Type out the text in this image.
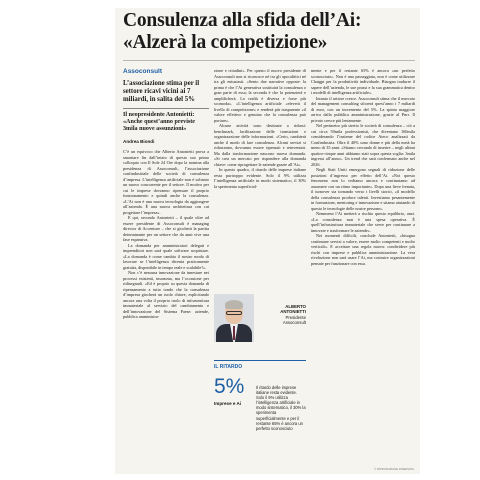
Consulenza alla sfida dell’Ai:
«Alzerà la competizione»
Assoconsult
L’associazione stima per il settore ricavi vicini ai 7 miliardi, in salita del 5%
Il neopresidente Antonietti: «Anche quest’anno previste 3mila nuove assunzioni»
Andrea Biondi

C’è un equivoco che Alberto Antonietti prova a smontare fin dall’inizio di questo suo primo colloquio con Il Sole 24 Ore dopo la nomina alla presidenza di Assoconsult, l’associazione confindustriale delle società di consulenza d’impresa. L’intelligenza artificiale non è soltanto un nuovo concorrente per il settore. Il motivo per cui le imprese dovranno ripensare il proprio funzionamento e quindi anche la consulenza. «L’Ai non è una nuova tecnologia da aggiungere all’azienda. È una nuova architettura con cui progettare l’impresa».

E qui, secondo Antonietti – il quale oltre ad essere presidente di Assoconsult è managing director di Accenture – che si giocherà la partita determinante per un settore che da anni vive una fase espansiva.

La domanda per amministratori delegati e imprenditori non sarà quale software acquistare. «La domanda è come cambia il nostro modo di lavorare se l’intelligenza diventa praticamente gratuita, disponibile in tempo reale e scalabile?».

Non c’è nessuna innovazione da innestare nei processi esistenti, insomma, ma l’occasione per ridisegnarli. «Ed è proprio su questa domanda di ripensamento a tutto tondo che la consulenza d’impresa giocherà un ruolo chiave, esplicitando ancora una volta il proprio ruolo di infrastruttura immateriale al servizio del cambiamento e dell’innovazione del Sistema Paese: aziende, pubblica amministra-

zione e cittadini». Per questo il nuovo presidente di Assoconsult non si riconosce né tra gli apocalittici né tra gli entusiasti. «Sento due narrative opposte: la prima è che l’Ai generativa sostituirà la consulenza o gran parte di essa; la seconda è che la potenzierà e amplificherà. La realtà è diversa e forse più scomoda». «L’intelligenza artificiale «eleverà il livello di competizione» e renderà più trasparente «il valore effettivo e genuino che la consulenza può portare».

Alcune attività sono destinate a ridursi: benchmark, facilitazione delle transizioni e organizzazione delle informazioni. «Certo, cambierà anche il modo di fare consulenza. Alcuni servizi si ridurranno, dovranno essere ripensati e reinventati. Ma dalla trasformazione nascono nuova domanda. «Si crea un mercato per rispondere alla domanda chiave: come riprogettare le aziende grazie all’Ai».

In questo quadro, il ritardo delle imprese italiane resta purtroppo evidente. Solo il 9% utilizza l’intelligenza artificiale in modo sistematico, il 30% la sperimenta superficial-

ALBERTO
ANTONIETTI
Presidente
Assoconsult
IL RITARDO
5%
Imprese e Ai
Il ritardo delle imprese italiane resta evidente. Solo il 9% utilizza l’intelligenza artificiale in modo sistematico, il 30% la sperimenta superficialmente e per il restante 65% è ancora un perfetto sconosciuto

mente e per il restante 65% è ancora «un perfetto sconosciuto». Non è una passeggiata, non è come utilizzare Chatgpt per la produttività individuale. Bisogna tradurre il sapere dell’azienda, le sue prassi e la sua grammatica dentro i modelli di intelligenza artificiale».

Intanto il settore cresce. Assoconsult stima che il mercato del management consulting sfiorerà quest’anno i 7 miliardi di euro, con un incremento del 5%. La spinta maggiore arriva dalla pubblica amministrazione, grazie al Pnrr. Il privato cresce più lentamente.

Nel perimetro più stretto le società di consulenza – ciò a cui circa 50mila professionisti, che diventano 160mila considerando l’insieme del codice Ateco analizzati da Confindustria. Oltre il 40% sono donne e più della metà ha meno di 35 anni. «Stiamo cercando di inserire – negli ultimi quattro-cinque anni abbiamo stati sopra questa soglia: 3mila ingressi all’anno». Un trend che sarà confermato anche nel 2026.

Negli Stati Uniti emergono segnali di riduzione delle posizioni d’ingresso per effetto dell’Ai. «Noi questo fenomeno non lo vediamo ancora e continuiamo ad assumere con un ritmo importante». Dopo una lieve frenata, il turnover sta tornando verso i livelli storici, «il modello della consulenza produce talenti. Investiamo pesantemente in formazione, mentoring e innovazione e stiamo aiutando di questo le tecnologie delle nostre persone».

Nemmeno l’Ai metterà a rischio questo equilibrio, anzi. «La consulenza non è una spesa operativa. È quell’infrastruttura immateriale che serve per continuare a innovare e trasformare le aziende».

Nei momenti difficili, conclude Antonietti, «bisogna continuare servizi a valore, essere molto competenti e molto verticali». E accettare una regola nuova: condividere più rischi con imprese e pubblica amministrazione. La vera rivoluzione non sarà usare l’Ai, ma costruire organizzazioni pensate per funzionare con essa.

© RIPRODUZIONE RISERVATA
